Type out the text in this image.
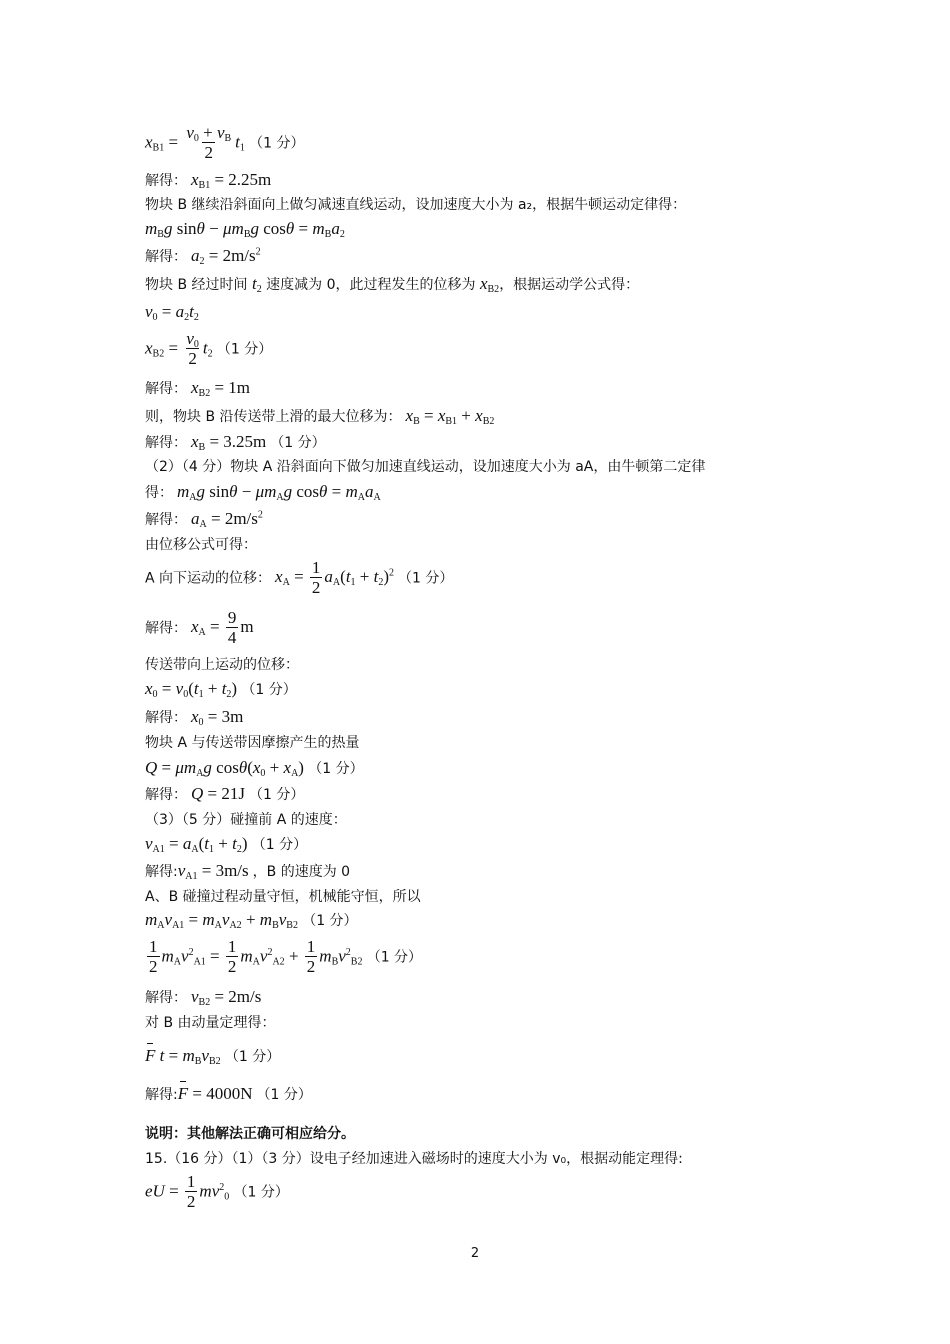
$x_{B1} = \frac{v_0 + v_B}{2} t_1$ （1 分）
解得： $x_{B1} = 2.25m$
物块 B 继续沿斜面向上做匀减速直线运动，设加速度大小为 a₂，根据牛顿运动定律得：
$m_Bg$ $\sin\theta - \mu m_Bg$ $\cos\theta = m_Ba_2$
解得： $a_2 = 2m/s^2$
物块 B 经过时间 $t_2$ 速度减为 0，此过程发生的位移为 $x_{B2}$，根据运动学公式得：
$v_0 = a_2t_2$
$x_{B2} = \frac{v_0}{2} t_2$ （1 分）
解得： $x_{B2} = 1m$
则，物块 B 沿传送带上滑的最大位移为： $x_B = x_{B1} + x_{B2}$
解得： $x_B = 3.25m$ （1 分）
（2）（4 分）物块 A 沿斜面向下做匀加速直线运动，设加速度大小为 aA，由牛顿第二定律
得： $m_Ag$ $\sin\theta - \mu m_Ag$ $\cos\theta = m_Aa_A$
解得： $a_A = 2m/s^2$
由位移公式可得：
A 向下运动的位移： $x_A = \frac{1}{2} a_A(t_1 + t_2)^2$ （1 分）
解得： $x_A = \frac{9}{4}$ m
传送带向上运动的位移：
$x_0 = v_0(t_1 + t_2)$ （1 分）
解得： $x_0 = 3m$
物块 A 与传送带因摩擦产生的热量
$Q = \mu m_Ag$ $\cos\theta(x_0 + x_A)$ （1 分）
解得： Q = 21J （1 分）
（3）（5 分）碰撞前 A 的速度：
$v_{A1} = a_A(t_1 + t_2)$ （1 分）
解得$:v_{A1} = 3m/s$ ，B 的速度为 0
A、B 碰撞过程动量守恒，机械能守恒，所以
$m_Av_{A1} = m_Av_{A2} + m_Bv_{B2}$ （1 分）
$\frac{1}{2} m_Av^2_{A1} = \frac{1}{2} m_Av^2_{A2} + \frac{1}{2} m_Bv^2_{B2}$ （1 分）
解得： $v_{B2} = 2m/s$
对 B 由动量定理得：
F $t = m_Bv_{B2}$ （1 分）
解得:F = 4000N （1 分）
说明：其他解法正确可相应给分。
15.（16 分）（1）（3 分）设电子经加速进入磁场时的速度大小为 v₀，根据动能定理得:
eU = $\frac{1}{2} mv^2_0$ （1 分）
2
